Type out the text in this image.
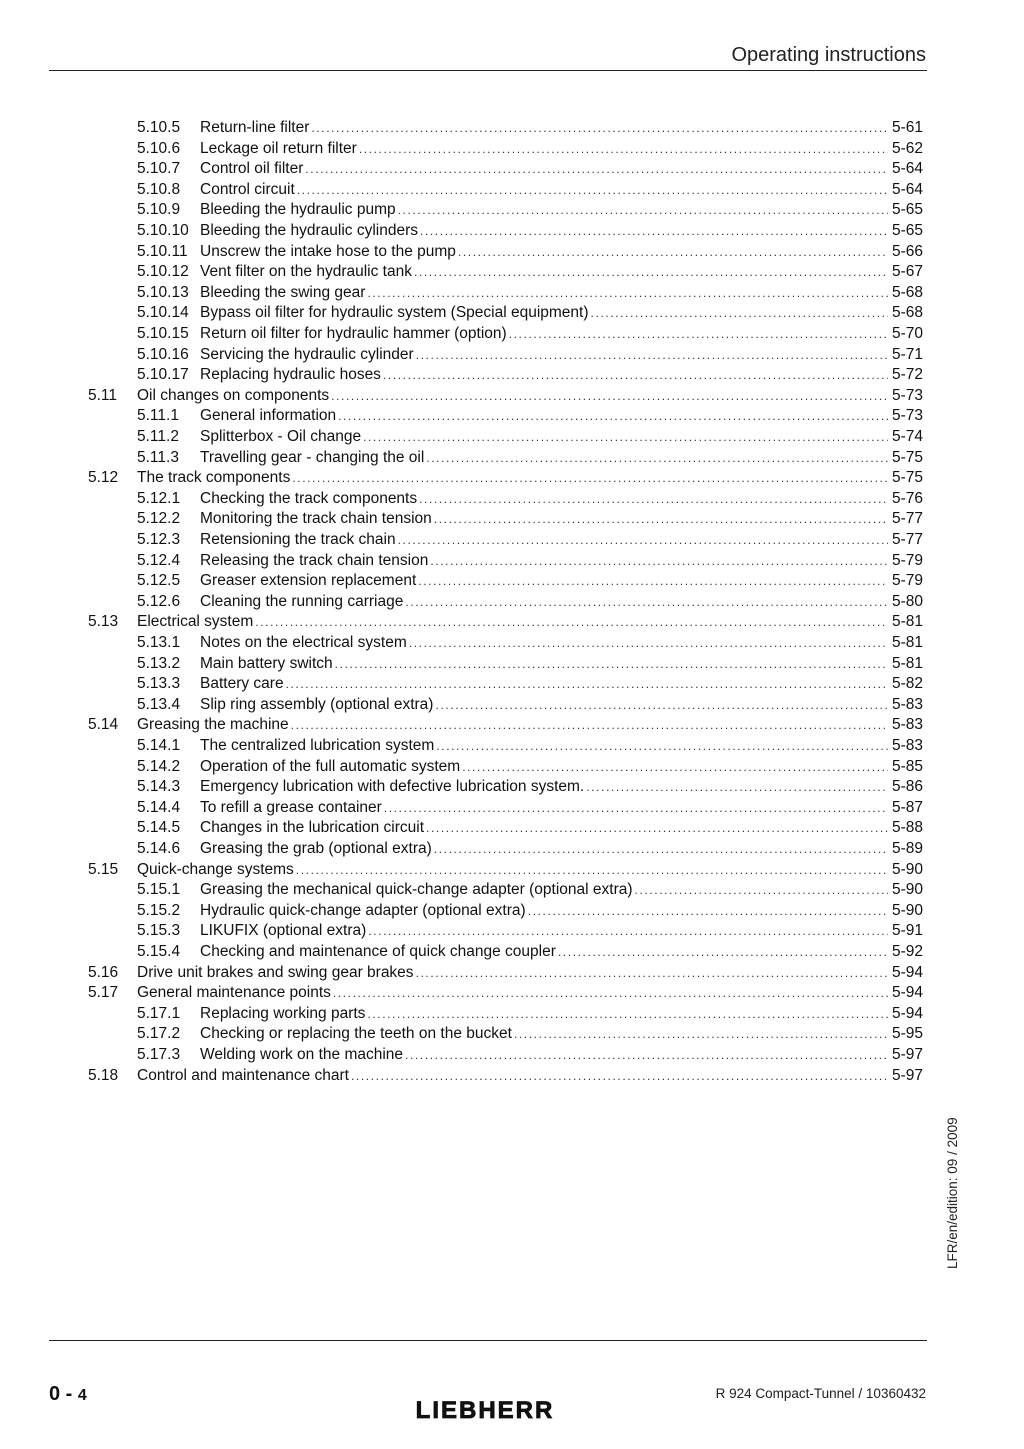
Operating instructions
5.10.5 Return-line filter .....	5-61
5.10.6 Leckage oil return filter .....	5-62
5.10.7 Control oil filter .....	5-64
5.10.8 Control circuit .....	5-64
5.10.9 Bleeding the hydraulic pump .....	5-65
5.10.10 Bleeding the hydraulic cylinders .....	5-65
5.10.11 Unscrew the intake hose to the pump .....	5-66
5.10.12 Vent filter on the hydraulic tank .....	5-67
5.10.13 Bleeding the swing gear .....	5-68
5.10.14 Bypass oil filter for hydraulic system (Special equipment) .....	5-68
5.10.15 Return oil filter for hydraulic hammer (option) .....	5-70
5.10.16 Servicing the hydraulic cylinder .....	5-71
5.10.17 Replacing hydraulic hoses .....	5-72
5.11 Oil changes on components .....	5-73
5.11.1 General information .....	5-73
5.11.2 Splitterbox - Oil change .....	5-74
5.11.3 Travelling gear - changing the oil .....	5-75
5.12 The track components .....	5-75
5.12.1 Checking the track components .....	5-76
5.12.2 Monitoring the track chain tension .....	5-77
5.12.3 Retensioning the track chain .....	5-77
5.12.4 Releasing the track chain tension .....	5-79
5.12.5 Greaser extension replacement .....	5-79
5.12.6 Cleaning the running carriage .....	5-80
5.13 Electrical system .....	5-81
5.13.1 Notes on the electrical system .....	5-81
5.13.2 Main battery switch .....	5-81
5.13.3 Battery care .....	5-82
5.13.4 Slip ring assembly (optional extra) .....	5-83
5.14 Greasing the machine .....	5-83
5.14.1 The centralized lubrication system .....	5-83
5.14.2 Operation of the full automatic system .....	5-85
5.14.3 Emergency lubrication with defective lubrication system. .....	5-86
5.14.4 To refill a grease container .....	5-87
5.14.5 Changes in the lubrication circuit .....	5-88
5.14.6 Greasing the grab (optional extra) .....	5-89
5.15 Quick-change systems .....	5-90
5.15.1 Greasing the mechanical quick-change adapter (optional extra) .....	5-90
5.15.2 Hydraulic quick-change adapter (optional extra) .....	5-90
5.15.3 LIKUFIX (optional extra) .....	5-91
5.15.4 Checking and maintenance of quick change coupler .....	5-92
5.16 Drive unit brakes and swing gear brakes .....	5-94
5.17 General maintenance points .....	5-94
5.17.1 Replacing working parts .....	5-94
5.17.2 Checking or replacing the teeth on the bucket .....	5-95
5.17.3 Welding work on the machine .....	5-97
5.18 Control and maintenance chart .....	5-97
LFR/en/edition: 09 / 2009
0 - 4
LIEBHERR
R 924 Compact-Tunnel / 10360432
